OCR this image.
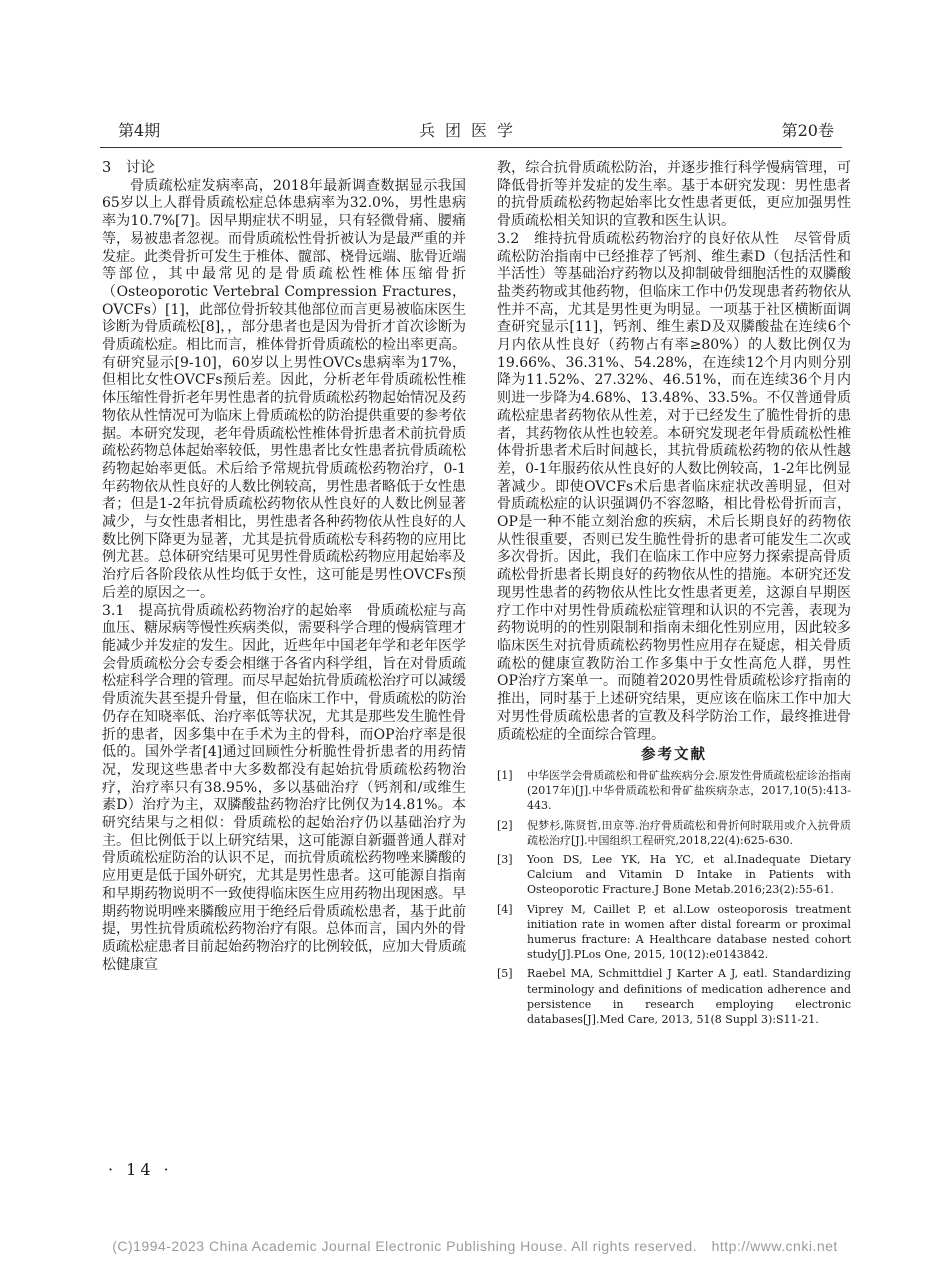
第4期	兵团医学	第20卷

3　讨论

骨质疏松症发病率高，2018年最新调查数据显示我国65岁以上人群骨质疏松症总体患病率为32.0%，男性患病率为10.7%[7]。因早期症状不明显，只有轻微骨痛、腰痛等，易被患者忽视。而骨质疏松性骨折被认为是最严重的并发症。此类骨折可发生于椎体、髋部、桡骨远端、肱骨近端等部位，其中最常见的是骨质疏松性椎体压缩骨折（Osteoporotic Vertebral Compression Fractures，OVCFs）[1]，此部位骨折较其他部位而言更易被临床医生诊断为骨质疏松[8]，，部分患者也是因为骨折才首次诊断为骨质疏松症。相比而言，椎体骨折骨质疏松的检出率更高。有研究显示[9-10]，60岁以上男性OVCs患病率为17%，但相比女性OVCFs预后差。因此，分析老年骨质疏松性椎体压缩性骨折老年男性患者的抗骨质疏松药物起始情况及药物依从性情况可为临床上骨质疏松的防治提供重要的参考依据。本研究发现，老年骨质疏松性椎体骨折患者术前抗骨质疏松药物总体起始率较低，男性患者比女性患者抗骨质疏松药物起始率更低。术后给予常规抗骨质疏松药物治疗，0-1年药物依从性良好的人数比例较高，男性患者略低于女性患者；但是1-2年抗骨质疏松药物依从性良好的人数比例显著减少，与女性患者相比，男性患者各种药物依从性良好的人数比例下降更为显著，尤其是抗骨质疏松专科药物的应用比例尤甚。总体研究结果可见男性骨质疏松药物应用起始率及治疗后各阶段依从性均低于女性，这可能是男性OVCFs预后差的原因之一。

3.1　提高抗骨质疏松药物治疗的起始率　骨质疏松症与高血压、糖尿病等慢性疾病类似，需要科学合理的慢病管理才能减少并发症的发生。因此，近些年中国老年学和老年医学会骨质疏松分会专委会相继于各省内科学组，旨在对骨质疏松症科学合理的管理。而尽早起始抗骨质疏松治疗可以减缓骨质流失甚至提升骨量，但在临床工作中，骨质疏松的防治仍存在知晓率低、治疗率低等状况，尤其是那些发生脆性骨折的患者，因多集中在手术为主的骨科，而OP治疗率是很低的。国外学者[4]通过回顾性分析脆性骨折患者的用药情况，发现这些患者中大多数都没有起始抗骨质疏松药物治疗，治疗率只有38.95%，多以基础治疗（钙剂和/或维生素D）治疗为主，双膦酸盐药物治疗比例仅为14.81%。本研究结果与之相似：骨质疏松的起始治疗仍以基础治疗为主。但比例低于以上研究结果，这可能源自新疆普通人群对骨质疏松症防治的认识不足，而抗骨质疏松药物唑来膦酸的应用更是低于国外研究，尤其是男性患者。这可能源自指南和早期药物说明不一致使得临床医生应用药物出现困惑。早期药物说明唑来膦酸应用于绝经后骨质疏松患者，基于此前提，男性抗骨质疏松药物治疗有限。总体而言，国内外的骨质疏松症患者目前起始药物治疗的比例较低，应加大骨质疏松健康宣

教，综合抗骨质疏松防治，并逐步推行科学慢病管理，可降低骨折等并发症的发生率。基于本研究发现：男性患者的抗骨质疏松药物起始率比女性患者更低，更应加强男性骨质疏松相关知识的宣教和医生认识。

3.2　维持抗骨质疏松药物治疗的良好依从性　尽管骨质疏松防治指南中已经推荐了钙剂、维生素D（包括活性和半活性）等基础治疗药物以及抑制破骨细胞活性的双膦酸盐类药物或其他药物，但临床工作中仍发现患者药物依从性并不高，尤其是男性更为明显。一项基于社区横断面调查研究显示[11]，钙剂、维生素D及双膦酸盐在连续6个月内依从性良好（药物占有率≥80%）的人数比例仅为19.66%、36.31%、54.28%，在连续12个月内则分别降为11.52%、27.32%、46.51%，而在连续36个月内则进一步降为4.68%、13.48%、33.5%。不仅普通骨质疏松症患者药物依从性差，对于已经发生了脆性骨折的患者，其药物依从性也较差。本研究发现老年骨质疏松性椎体骨折患者术后时间越长，其抗骨质疏松药物的依从性越差，0-1年服药依从性良好的人数比例较高，1-2年比例显著减少。即使OVCFs术后患者临床症状改善明显，但对骨质疏松症的认识强调仍不容忽略，相比骨松骨折而言，OP是一种不能立刻治愈的疾病，术后长期良好的药物依从性很重要，否则已发生脆性骨折的患者可能发生二次或多次骨折。因此，我们在临床工作中应努力探索提高骨质疏松骨折患者长期良好的药物依从性的措施。本研究还发现男性患者的药物依从性比女性患者更差，这源自早期医疗工作中对男性骨质疏松症管理和认识的不完善，表现为药物说明的的性别限制和指南未细化性别应用，因此较多临床医生对抗骨质疏松药物男性应用存在疑虑，相关骨质疏松的健康宣教防治工作多集中于女性高危人群，男性OP治疗方案单一。而随着2020男性骨质疏松诊疗指南的推出，同时基于上述研究结果，更应该在临床工作中加大对男性骨质疏松患者的宣教及科学防治工作，最终推进骨质疏松症的全面综合管理。

参考文献
[1] 中华医学会骨质疏松和骨矿盐疾病分会.原发性骨质疏松症诊治指南(2017年)[J].中华骨质疏松和骨矿盐疾病杂志，2017,10(5):413-443.
[2] 倪梦杉,陈贤哲,田京等.治疗骨质疏松和骨折何时联用或介入抗骨质疏松治疗[J].中国组织工程研究,2018,22(4):625-630.
[3] Yoon DS, Lee YK, Ha YC, et al.Inadequate Dietary Calcium and Vitamin D Intake in Patients with Osteoporotic Fracture.J Bone Metab.2016;23(2):55-61.
[4] Viprey M, Caillet P, et al.Low osteoporosis treatment initiation rate in women after distal forearm or proximal humerus fracture: A Healthcare database nested cohort study[J].PLos One, 2015, 10(12):e0143842.
[5] Raebel MA, Schmittdiel J Karter A J, eatl. Standardizing terminology and definitions of medication adherence and persistence in research employing electronic databases[J].Med Care, 2013, 51(8 Suppl 3):S11-21.
· 14 ·
(C)1994-2023 China Academic Journal Electronic Publishing House. All rights reserved.　http://www.cnki.net
